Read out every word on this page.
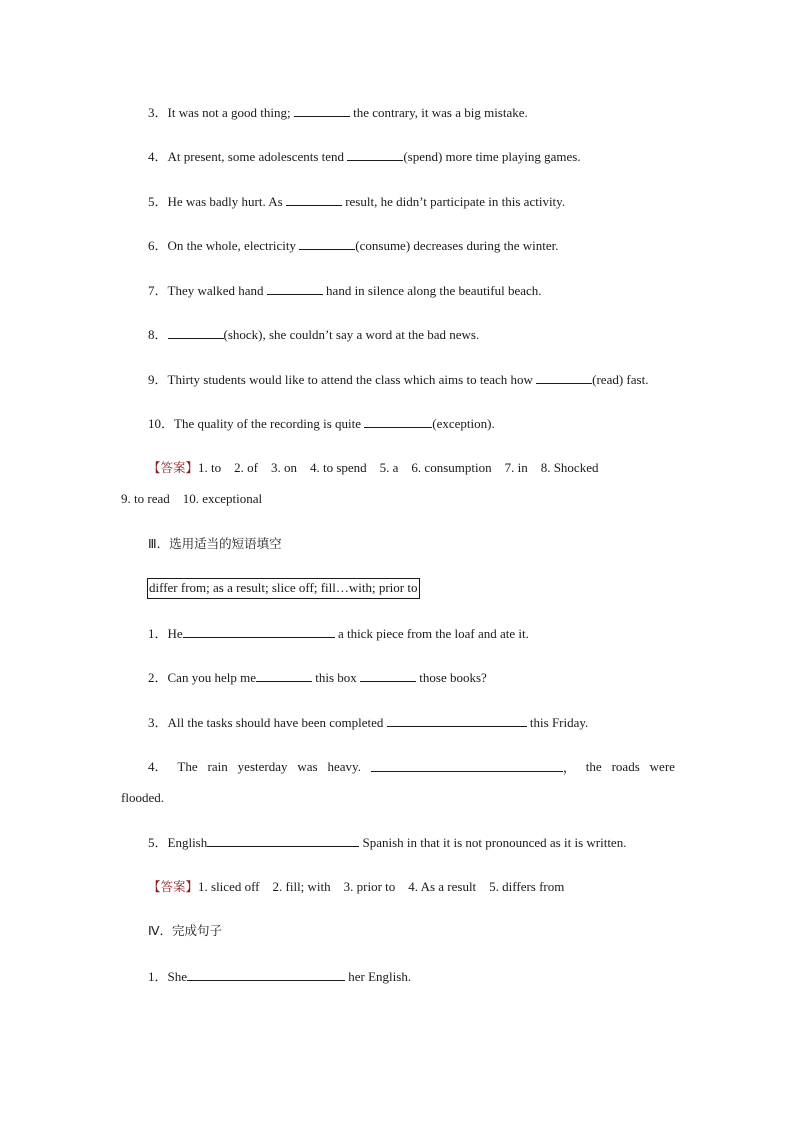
3．It was not a good thing;	the contrary, it was a big mistake.
4．At present, some adolescents tend	(spend) more time playing games.
5．He was badly hurt. As	result, he didn’t participate in this activity.
6．On the whole, electricity	(consume) decreases during the winter.
7．They walked hand	hand in silence along the beautiful beach.
8．	(shock), she couldn’t say a word at the bad news.
9．Thirty students would like to attend the class which aims to teach how	(read) fast.
10．The quality of the recording is quite	(exception).
【答案】1. to　2. of　3. on　4. to spend　5. a　6. consumption　7. in　8. Shocked
9. to read　10. exceptional
Ⅲ．选用适当的短语填空
differ from; as a result; slice off; fill…with; prior to
1．He	a thick piece from the loaf and ate it.
2．Can you help me	this box	those books?
3．All the tasks should have been completed	this Friday.
4． The rain yesterday was heavy.	， the roads were
flooded.
5．English	Spanish in that it is not pronounced as it is written.
【答案】1. sliced off　2. fill; with　3. prior to　4. As a result　5. differs from
Ⅳ．完成句子
1．She	her English.
